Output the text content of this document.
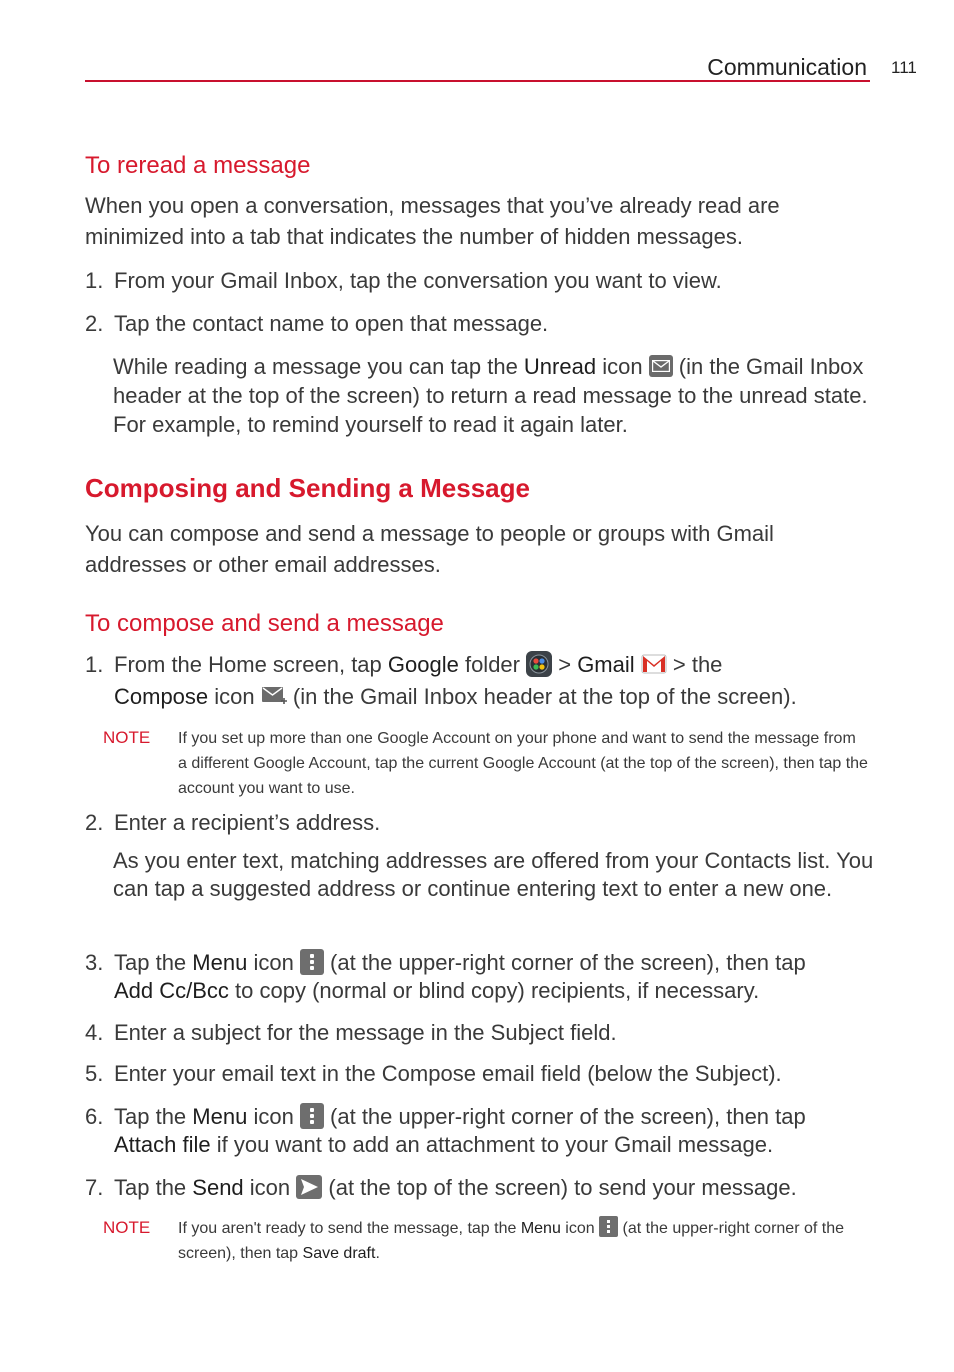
Communication 111
To reread a message
When you open a conversation, messages that you’ve already read are minimized into a tab that indicates the number of hidden messages.
1. From your Gmail Inbox, tap the conversation you want to view.
2. Tap the contact name to open that message.
While reading a message you can tap the Unread icon
(in the Gmail Inbox header at the top of the screen) to return a read message to the unread state. For example, to remind yourself to read it again later.
Composing and Sending a Message
You can compose and send a message to people or groups with Gmail addresses or other email addresses.
To compose and send a message
1. From the Home screen, tap Google folder  > Gmail  > the
Compose icon  (in the Gmail Inbox header at the top of the screen).
NOTE If you set up more than one Google Account on your phone and want to send the message from a different Google Account, tap the current Google Account (at the top of the screen), then tap the account you want to use.
2. Enter a recipient’s address.
As you enter text, matching addresses are offered from your Contacts list. You can tap a suggested address or continue entering text to enter a new one.
3. Tap the Menu icon
(at the upper-right corner of the screen), then tap
Add Cc/Bcc to copy (normal or blind copy) recipients, if necessary.
4. Enter a subject for the message in the Subject field.
5. Enter your email text in the Compose email field (below the Subject).
6. Tap the Menu icon
(at the upper-right corner of the screen), then tap
Attach file if you want to add an attachment to your Gmail message.
7. Tap the Send icon  (at the top of the screen) to send your message.
NOTE If you aren't ready to send the message, tap the Menu icon
(at the upper-right corner of the screen), then tap Save draft.
